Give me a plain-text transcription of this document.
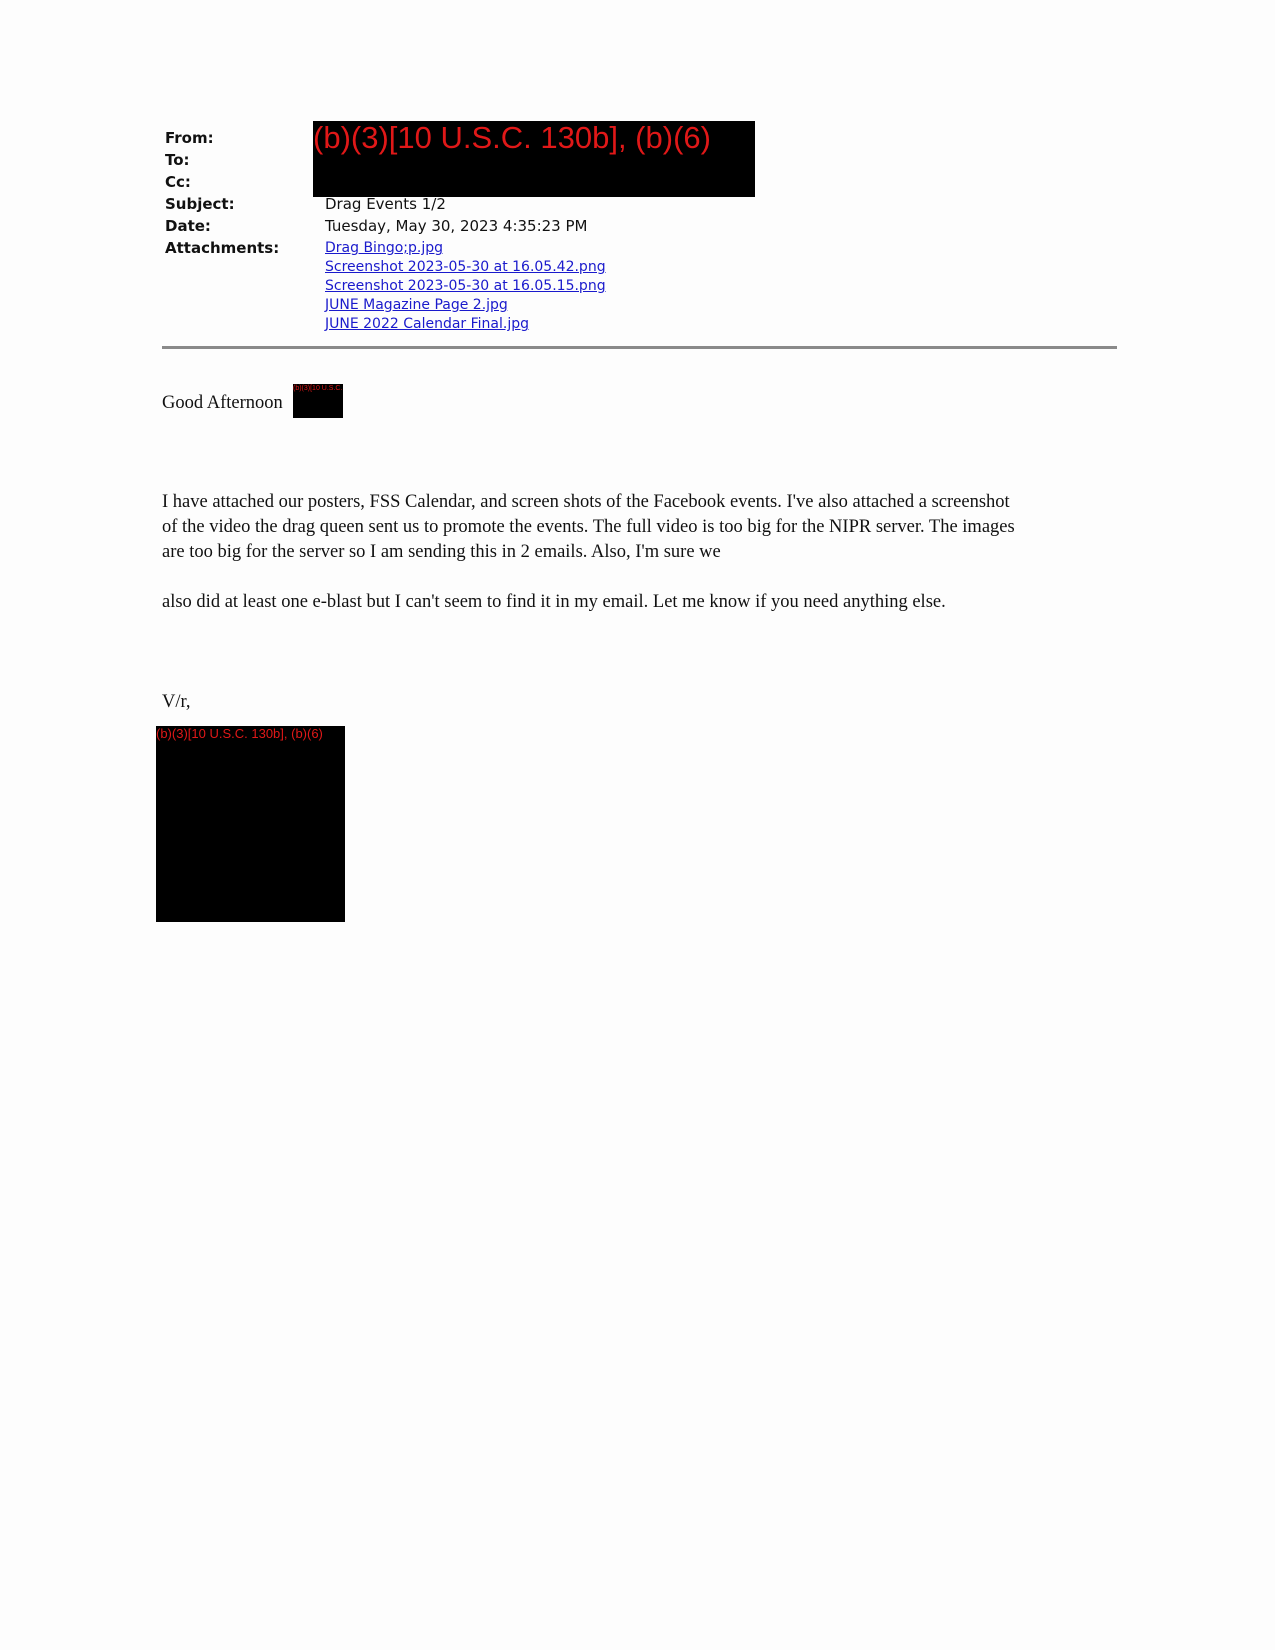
From:
To:
Cc:
Subject:
Date:
Attachments:
(b)(3)[10 U.S.C. 130b], (b)(6)
Drag Events 1/2
Tuesday, May 30, 2023 4:35:23 PM
Drag Bingo;p.jpg
Screenshot 2023-05-30 at 16.05.42.png
Screenshot 2023-05-30 at 16.05.15.png
JUNE Magazine Page 2.jpg
JUNE 2022 Calendar Final.jpg
Good Afternoon
(b)(3)[10 U.S.C.
I have attached our posters, FSS Calendar, and screen shots of the Facebook events. I've also attached a screenshot
of the video the drag queen sent us to promote the events. The full video is too big for the NIPR server. The images
are too big for the server so I am sending this in 2 emails. Also, I'm sure we
also did at least one e-blast but I can't seem to find it in my email. Let me know if you need anything else.
V/r,
(b)(3)[10 U.S.C. 130b], (b)(6)
